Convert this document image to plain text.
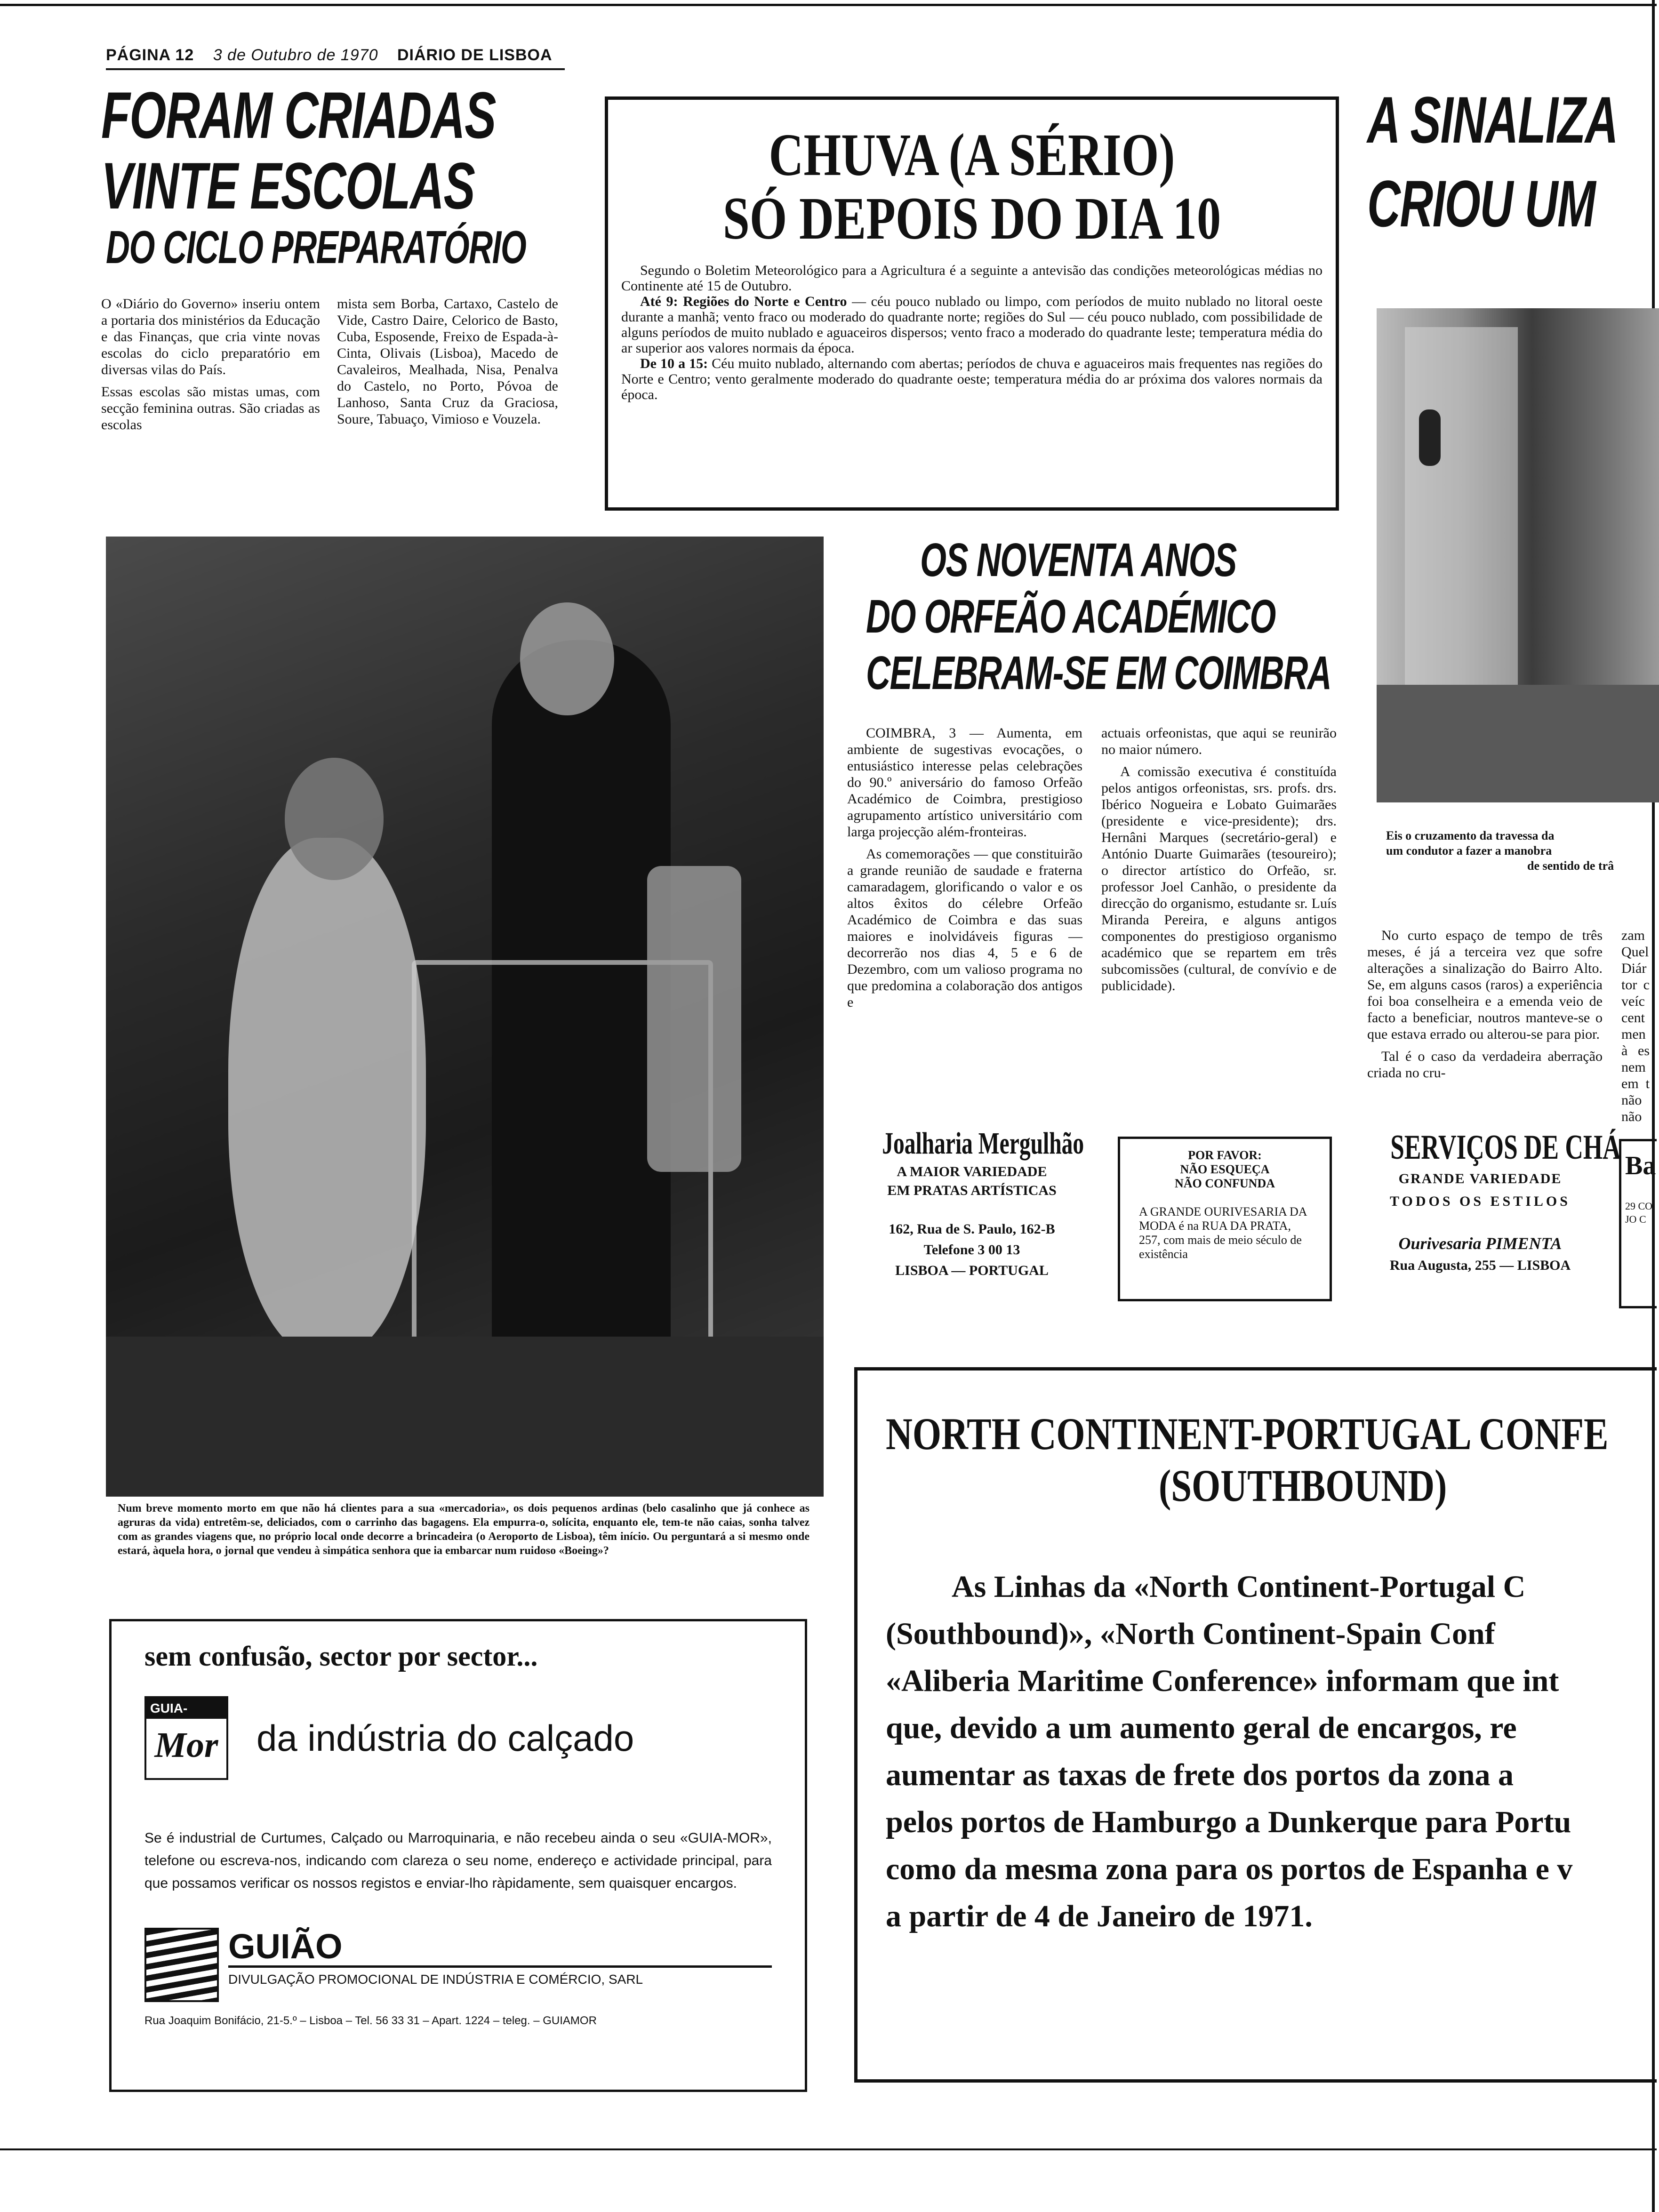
PÁGINA 12 3 de Outubro de 1970 DIÁRIO DE LISBOA
FORAM CRIADAS
VINTE ESCOLAS
DO CICLO PREPARATÓRIO

O «Diário do Governo» inseriu ontem a portaria dos ministérios da Educação e das Finanças, que cria vinte novas escolas do ciclo preparatório em diversas vilas do País.

Essas escolas são mistas umas, com secção feminina outras. São criadas as escolas

mista sem Borba, Cartaxo, Castelo de Vide, Castro Daire, Celorico de Basto, Cuba, Esposende, Freixo de Espada-à-Cinta, Olivais (Lisboa), Macedo de Cavaleiros, Mealhada, Nisa, Penalva do Castelo, no Porto, Póvoa de Lanhoso, Santa Cruz da Graciosa, Soure, Tabuaço, Vimioso e Vouzela.

CHUVA (A SÉRIO)
SÓ DEPOIS DO DIA 10

Segundo o Boletim Meteorológico para a Agricultura é a seguinte a antevisão das condições meteorológicas médias no Continente até 15 de Outubro.

Até 9: Regiões do Norte e Centro — céu pouco nublado ou limpo, com períodos de muito nublado no litoral oeste durante a manhã; vento fraco ou moderado do quadrante norte; regiões do Sul — céu pouco nublado, com possibilidade de alguns períodos de muito nublado e aguaceiros dispersos; vento fraco a moderado do quadrante leste; temperatura média do ar superior aos valores normais da época.

De 10 a 15: Céu muito nublado, alternando com abertas; períodos de chuva e aguaceiros mais frequentes nas regiões do Norte e Centro; vento geralmente moderado do quadrante oeste; temperatura média do ar próxima dos valores normais da época.

A SINALIZA
CRIOU UM
Eis o cruzamento da travessa da
um condutor a fazer a manobra
de sentido de trâ

No curto espaço de tempo de três meses, é já a terceira vez que sofre alterações a sinalização do Bairro Alto. Se, em alguns casos (raros) a experiência foi boa conselheira e a emenda veio de facto a beneficiar, noutros manteve-se o que estava errado ou alterou-se para pior.

Tal é o caso da verdadeira aberração criada no cru-

zam Quel Diár tor c veíc cent men à es nem em t não não
Num breve momento morto em que não há clientes para a sua «mercadoria», os dois pequenos ardinas (belo casalinho que já conhece as agruras da vida) entretêm-se, deliciados, com o carrinho das bagagens. Ela empurra-o, solícita, enquanto ele, tem-te não caias, sonha talvez com as grandes viagens que, no próprio local onde decorre a brincadeira (o Aeroporto de Lisboa), têm início. Ou perguntará a si mesmo onde estará, àquela hora, o jornal que vendeu à simpática senhora que ia embarcar num ruidoso «Boeing»?
OS NOVENTA ANOS
DO ORFEÃO ACADÉMICO
CELEBRAM-SE EM COIMBRA

COIMBRA, 3 — Aumenta, em ambiente de sugestivas evocações, o entusiástico interesse pelas celebrações do 90.º aniversário do famoso Orfeão Académico de Coimbra, prestigioso agrupamento artístico universitário com larga projecção além-fronteiras.

As comemorações — que constituirão a grande reunião de saudade e fraterna camaradagem, glorificando o valor e os altos êxitos do célebre Orfeão Académico de Coimbra e das suas maiores e inolvidáveis figuras — decorrerão nos dias 4, 5 e 6 de Dezembro, com um valioso programa no que predomina a colaboração dos antigos e

actuais orfeonistas, que aqui se reunirão no maior número.

A comissão executiva é constituída pelos antigos orfeonistas, srs. profs. drs. Ibérico Nogueira e Lobato Guimarães (presidente e vice-presidente); drs. Hernâni Marques (secretário-geral) e António Duarte Guimarães (tesoureiro); o director artístico do Orfeão, sr. professor Joel Canhão, o presidente da direcção do organismo, estudante sr. Luís Miranda Pereira, e alguns antigos componentes do prestigioso organismo académico que se repartem em três subcomissões (cultural, de convívio e de publicidade).

Joalharia Mergulhão
A MAIOR VARIEDADE
EM PRATAS ARTÍSTICAS
162, Rua de S. Paulo, 162-B
Telefone 3 00 13
LISBOA — PORTUGAL
POR FAVOR:
NÃO ESQUEÇA
NÃO CONFUNDA
A GRANDE OURIVESARIA DA MODA é na RUA DA PRATA, 257, com mais de meio século de existência
SERVIÇOS DE CHÁ
GRANDE VARIEDADE
TODOS OS ESTILOS
Ourivesaria PIMENTA
Rua Augusta, 255 — LISBOA
Ba
29 CO JO C
sem confusão, sector por sector...
GUIA-
Mor da indústria do calçado
Se é industrial de Curtumes, Calçado ou Marroquinaria, e não recebeu ainda o seu «GUIA-MOR», telefone ou escreva-nos, indicando com clareza o seu nome, endereço e actividade principal, para que possamos verificar os nossos registos e enviar-lho ràpidamente, sem quaisquer encargos.
GUIÃO
DIVULGAÇÃO PROMOCIONAL DE INDÚSTRIA E COMÉRCIO, SARL
Rua Joaquim Bonifácio, 21-5.º – Lisboa – Tel. 56 33 31 – Apart. 1224 – teleg. – GUIAMOR
NORTH CONTINENT-PORTUGAL CONFE
(SOUTHBOUND)
As Linhas da «North Continent-Portugal C
(Southbound)», «North Continent-Spain Conf
«Aliberia Maritime Conference» informam que int
que, devido a um aumento geral de encargos, re
aumentar as taxas de frete dos portos da zona a
pelos portos de Hamburgo a Dunkerque para Portu
como da mesma zona para os portos de Espanha e v
a partir de 4 de Janeiro de 1971.
